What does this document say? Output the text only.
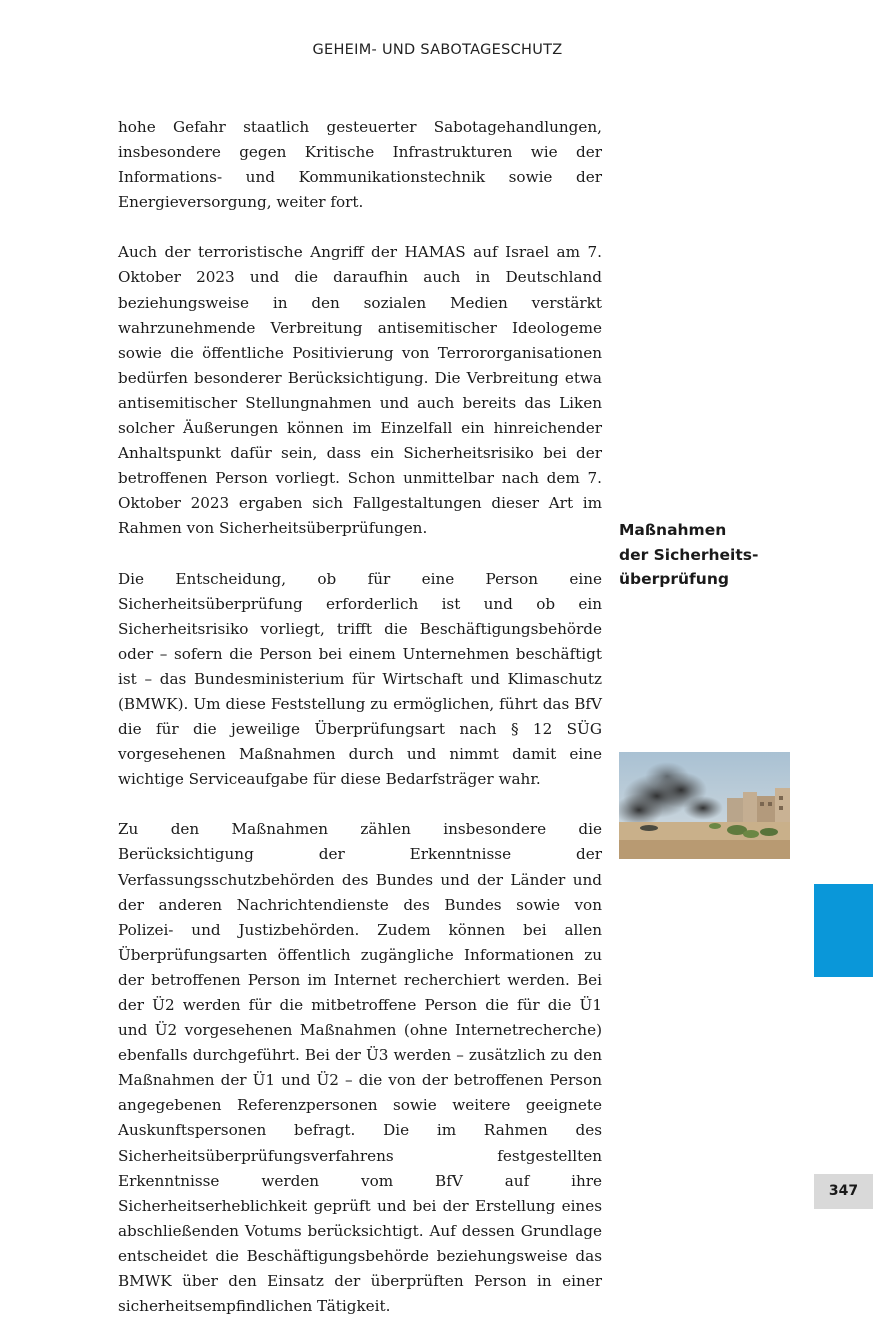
GEHEIM- UND SABOTAGESCHUTZ

hohe Gefahr staatlich gesteuerter Sabotagehandlungen, insbesondere gegen Kritische Infrastrukturen wie der Informations- und Kommunikationstechnik sowie der Energieversorgung, weiter fort.

Auch der terroristische Angriff der HAMAS auf Israel am 7. Oktober 2023 und die daraufhin auch in Deutschland beziehungsweise in den sozialen Medien verstärkt wahrzunehmende Verbreitung antisemitischer Ideologeme sowie die öffentliche Positivierung von Terrororganisationen bedürfen besonderer Berücksichtigung. Die Verbreitung etwa antisemitischer Stellungnahmen und auch bereits das Liken solcher Äußerungen können im Einzelfall ein hinreichender Anhaltspunkt dafür sein, dass ein Sicherheitsrisiko bei der betroffenen Person vorliegt. Schon unmittelbar nach dem 7. Oktober 2023 ergaben sich Fallgestaltungen dieser Art im Rahmen von Sicherheitsüberprüfungen.

Die Entscheidung, ob für eine Person eine Sicherheitsüberprüfung erforderlich ist und ob ein Sicherheitsrisiko vorliegt, trifft die Beschäftigungsbehörde oder – sofern die Person bei einem Unternehmen beschäftigt ist – das Bundesministerium für Wirtschaft und Klimaschutz (BMWK). Um diese Feststellung zu ermöglichen, führt das BfV die für die jeweilige Überprüfungsart nach § 12 SÜG vorgesehenen Maßnahmen durch und nimmt damit eine wichtige Serviceaufgabe für diese Bedarfsträger wahr.

Zu den Maßnahmen zählen insbesondere die Berücksichtigung der Erkenntnisse der Verfassungsschutzbehörden des Bundes und der Länder und der anderen Nachrichtendienste des Bundes sowie von Polizei- und Justizbehörden. Zudem können bei allen Überprüfungsarten öffentlich zugängliche Informationen zu der betroffenen Person im Internet recherchiert werden. Bei der Ü2 werden für die mitbetroffene Person die für die Ü1 und Ü2 vorgesehenen Maßnahmen (ohne Internetrecherche) ebenfalls durchgeführt. Bei der Ü3 werden – zusätzlich zu den Maßnahmen der Ü1 und Ü2 – die von der betroffenen Person angegebenen Referenzpersonen sowie weitere geeignete Auskunftspersonen befragt. Die im Rahmen des Sicherheitsüberprüfungsverfahrens festgestellten Erkenntnisse werden vom BfV auf ihre Sicherheitserheblichkeit geprüft und bei der Erstellung eines abschließenden Votums berücksichtigt. Auf dessen Grundlage entscheidet die Beschäftigungsbehörde beziehungsweise das BMWK über den Einsatz der überprüften Person in einer sicherheitsempfindlichen Tätigkeit.

Maßnahmen
der Sicherheits-
überprüfung
347
